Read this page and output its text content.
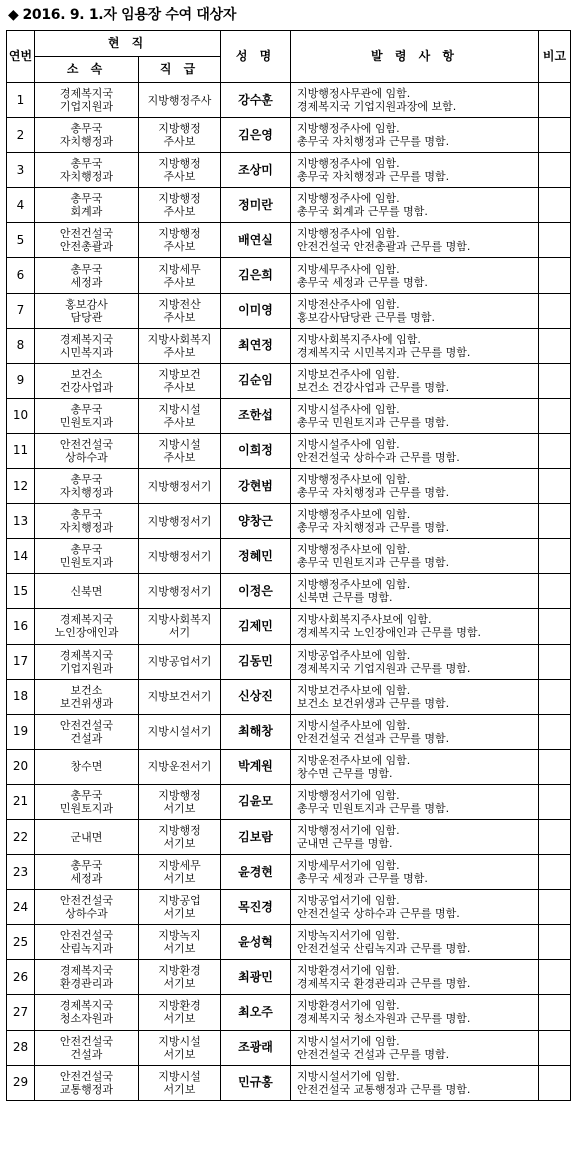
◆ 2016. 9. 1.자 임용장 수여 대상자
연번	현 직		성 명	발 령 사 항	비고
	소 속	직 급			
1	경제복지국
기업지원과	지방행정주사	강수훈	지방행정사무관에 임함.
경제복지국 기업지원과장에 보함.	

2	총무국
자치행정과	지방행정
주사보	김은영	지방행정주사에 임함.
총무국 자치행정과 근무를 명함.	

3	총무국
자치행정과	지방행정
주사보	조상미	지방행정주사에 임함.
총무국 자치행정과 근무를 명함.	

4	총무국
회계과	지방행정
주사보	정미란	지방행정주사에 임함.
총무국 회계과 근무를 명함.	

5	안전건설국
안전총괄과	지방행정
주사보	배연실	지방행정주사에 임함.
안전건설국 안전총괄과 근무를 명함.	

6	총무국
세정과	지방세무
주사보	김은희	지방세무주사에 임함.
총무국 세정과 근무를 명함.	

7	홍보감사
담당관	지방전산
주사보	이미영	지방전산주사에 임함.
홍보감사담당관 근무를 명함.	

8	경제복지국
시민복지과	지방사회복지
주사보	최연정	지방사회복지주사에 임함.
경제복지국 시민복지과 근무를 명함.	

9	보건소
건강사업과	지방보건
주사보	김순임	지방보건주사에 임함.
보건소 건강사업과 근무를 명함.	

10	총무국
민원토지과	지방시설
주사보	조한섭	지방시설주사에 임함.
총무국 민원토지과 근무를 명함.	

11	안전건설국
상하수과	지방시설
주사보	이희정	지방시설주사에 임함.
안전건설국 상하수과 근무를 명함.	

12	총무국
자치행정과	지방행정서기	강현범	지방행정주사보에 임함.
총무국 자치행정과 근무를 명함.	

13	총무국
자치행정과	지방행정서기	양창근	지방행정주사보에 임함.
총무국 자치행정과 근무를 명함.	

14	총무국
민원토지과	지방행정서기	정혜민	지방행정주사보에 임함.
총무국 민원토지과 근무를 명함.	

15	신북면	지방행정서기	이정은	지방행정주사보에 임함.
신북면 근무를 명함.	

16	경제복지국
노인장애인과	지방사회복지
서기	김제민	지방사회복지주사보에 임함.
경제복지국 노인장애인과 근무를 명함.	

17	경제복지국
기업지원과	지방공업서기	김동민	지방공업주사보에 임함.
경제복지국 기업지원과 근무를 명함.	

18	보건소
보건위생과	지방보건서기	신상진	지방보건주사보에 임함.
보건소 보건위생과 근무를 명함.	

19	안전건설국
건설과	지방시설서기	최해창	지방시설주사보에 임함.
안전건설국 건설과 근무를 명함.	

20	창수면	지방운전서기	박계원	지방운전주사보에 임함.
창수면 근무를 명함.	

21	총무국
민원토지과	지방행정
서기보	김윤모	지방행정서기에 임함.
총무국 민원토지과 근무를 명함.	

22	군내면	지방행정
서기보	김보람	지방행정서기에 임함.
군내면 근무를 명함.	

23	총무국
세정과	지방세무
서기보	윤경현	지방세무서기에 임함.
총무국 세정과 근무를 명함.	

24	안전건설국
상하수과	지방공업
서기보	목진경	지방공업서기에 임함.
안전건설국 상하수과 근무를 명함.	

25	안전건설국
산림녹지과	지방녹지
서기보	윤성혁	지방녹지서기에 임함.
안전건설국 산림녹지과 근무를 명함.	

26	경제복지국
환경관리과	지방환경
서기보	최광민	지방환경서기에 임함.
경제복지국 환경관리과 근무를 명함.	

27	경제복지국
청소자원과	지방환경
서기보	최오주	지방환경서기에 임함.
경제복지국 청소자원과 근무를 명함.	

28	안전건설국
건설과	지방시설
서기보	조광래	지방시설서기에 임함.
안전건설국 건설과 근무를 명함.	

29	안전건설국
교통행정과	지방시설
서기보	민규홍	지방시설서기에 임함.
안전건설국 교통행정과 근무를 명함.	
